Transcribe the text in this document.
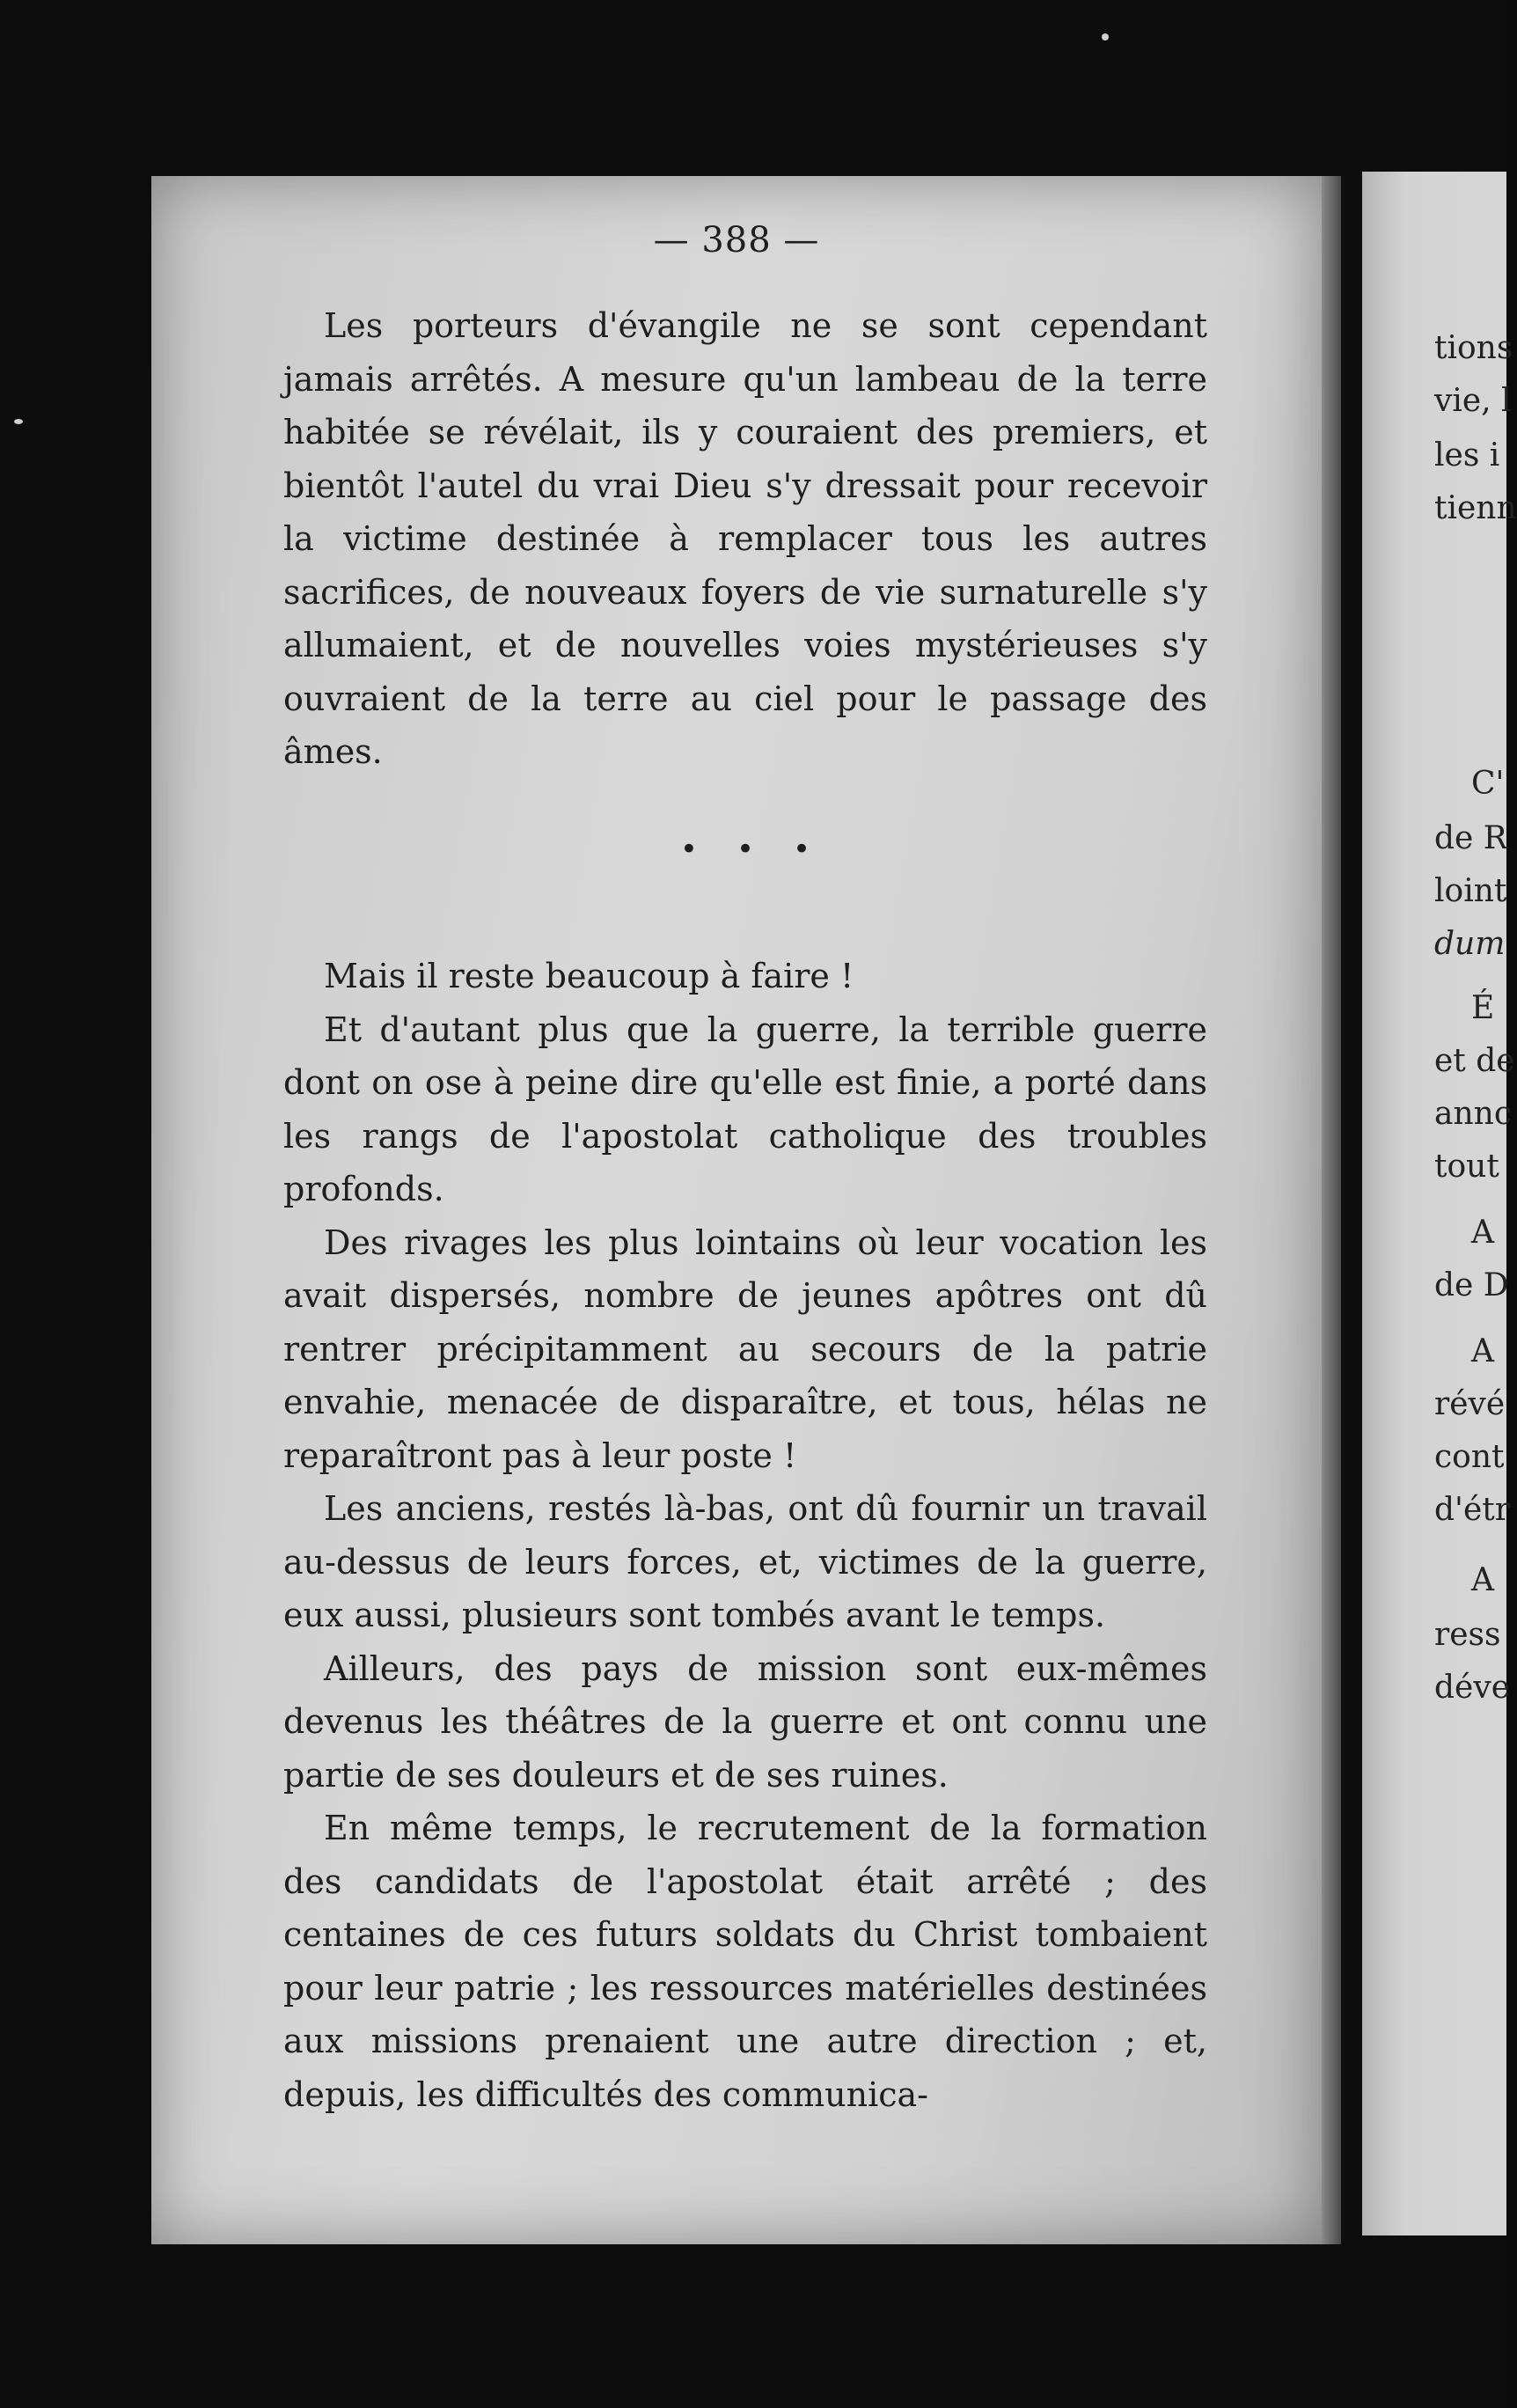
— 388 —

Les porteurs d'évangile ne se sont cependant jamais arrêtés. A mesure qu'un lambeau de la terre habitée se révélait, ils y couraient des premiers, et bientôt l'autel du vrai Dieu s'y dressait pour recevoir la victime destinée à remplacer tous les autres sacrifices, de nouveaux foyers de vie surnaturelle s'y allumaient, et de nouvelles voies mystérieuses s'y ouvraient de la terre au ciel pour le passage des âmes.

•••

Mais il reste beaucoup à faire !

Et d'autant plus que la guerre, la terrible guerre dont on ose à peine dire qu'elle est finie, a porté dans les rangs de l'apostolat catholique des troubles profonds.

Des rivages les plus lointains où leur vocation les avait dispersés, nombre de jeunes apôtres ont dû rentrer précipitamment au secours de la patrie envahie, menacée de disparaître, et tous, hélas ne reparaîtront pas à leur poste !

Les anciens, restés là-bas, ont dû fournir un travail au-dessus de leurs forces, et, victimes de la guerre, eux aussi, plusieurs sont tombés avant le temps.

Ailleurs, des pays de mission sont eux-mêmes devenus les théâtres de la guerre et ont connu une partie de ses douleurs et de ses ruines.

En même temps, le recrutement de la formation des candidats de l'apostolat était arrêté ; des centaines de ces futurs soldats du Christ tombaient pour leur patrie ; les ressources matérielles destinées aux missions prenaient une autre direction ; et, depuis, les difficultés des communica-

tions
vie, l
les i
tienn
C'
de R
loint
dum
É
et de
annc
tout
A
de D
A
révé
cont
d'étr
A
ress
déve
